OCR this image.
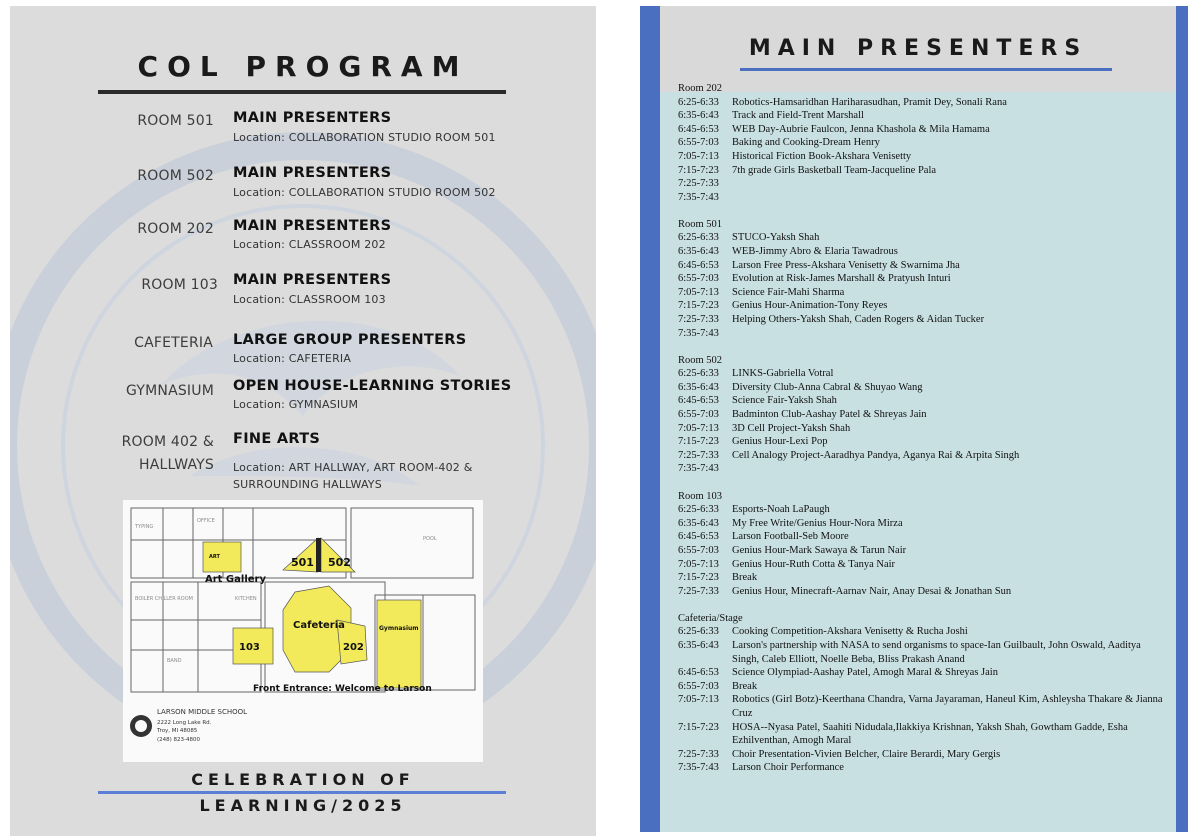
COL PROGRAM
ROOM 501 MAIN PRESENTERS
Location: COLLABORATION STUDIO ROOM 501
ROOM 502 MAIN PRESENTERS
Location: COLLABORATION STUDIO ROOM 502
ROOM 202 MAIN PRESENTERS
Location: CLASSROOM 202
ROOM 103 MAIN PRESENTERS
Location: CLASSROOM 103
CAFETERIA LARGE GROUP PRESENTERS
Location: CAFETERIA
GYMNASIUM OPEN HOUSE-LEARNING STORIES
Location: GYMNASIUM
ROOM 402 &
HALLWAYS
FINE ARTS
Location: ART HALLWAY, ART ROOM-402 &
SURROUNDING HALLWAYS
TYPING
OFFICE
POOL
KITCHEN
BOILER CHILLER ROOM
BAND
Art Gallery
ART	501 502
103
Cafeteria
202
Gymnasium
Front Entrance: Welcome to Larson
LARSON MIDDLE SCHOOL
2222 Long Lake Rd.
Troy, MI 48085
(248) 823-4800
CELEBRATION OF
LEARNING/2025
MAIN PRESENTERS
Room 202
6:25-6:33	Robotics-Hamsaridhan Hariharasudhan, Pramit Dey, Sonali Rana
6:35-6:43	Track and Field-Trent Marshall
6:45-6:53	WEB Day-Aubrie Faulcon, Jenna Khashola & Mila Hamama
6:55-7:03	Baking and Cooking-Dream Henry
7:05-7:13	Historical Fiction Book-Akshara Venisetty
7:15-7:23	7th grade Girls Basketball Team-Jacqueline Pala
7:25-7:33
7:35-7:43
Room 501
6:25-6:33	STUCO-Yaksh Shah
6:35-6:43	WEB-Jimmy Abro & Elaria Tawadrous
6:45-6:53	Larson Free Press-Akshara Venisetty & Swarnima Jha
6:55-7:03	Evolution at Risk-James Marshall & Pratyush Inturi
7:05-7:13	Science Fair-Mahi Sharma
7:15-7:23	Genius Hour-Animation-Tony Reyes
7:25-7:33	Helping Others-Yaksh Shah, Caden Rogers & Aidan Tucker
7:35-7:43
Room 502
6:25-6:33	LINKS-Gabriella Votral
6:35-6:43	Diversity Club-Anna Cabral & Shuyao Wang
6:45-6:53	Science Fair-Yaksh Shah
6:55-7:03	Badminton Club-Aashay Patel & Shreyas Jain
7:05-7:13	3D Cell Project-Yaksh Shah
7:15-7:23	Genius Hour-Lexi Pop
7:25-7:33	Cell Analogy Project-Aaradhya Pandya, Aganya Rai & Arpita Singh
7:35-7:43
Room 103
6:25-6:33	Esports-Noah LaPaugh
6:35-6:43	My Free Write/Genius Hour-Nora Mirza
6:45-6:53	Larson Football-Seb Moore
6:55-7:03	Genius Hour-Mark Sawaya & Tarun Nair
7:05-7:13	Genius Hour-Ruth Cotta & Tanya Nair
7:15-7:23	Break
7:25-7:33	Genius Hour, Minecraft-Aarnav Nair, Anay Desai & Jonathan Sun
Cafeteria/Stage
6:25-6:33	Cooking Competition-Akshara Venisetty & Rucha Joshi
6:35-6:43	Larson's partnership with NASA to send organisms to space-Ian Guilbault, John Oswald, Aaditya Singh, Caleb Elliott, Noelle Beba, Bliss Prakash Anand
6:45-6:53	Science Olympiad-Aashay Patel, Amogh Maral & Shreyas Jain
6:55-7:03	Break
7:05-7:13	Robotics (Girl Botz)-Keerthana Chandra, Varna Jayaraman, Haneul Kim, Ashleysha Thakare & Jianna Cruz
7:15-7:23	HOSA--Nyasa Patel, Saahiti Nidudala,Ilakkiya Krishnan, Yaksh Shah, Gowtham Gadde, Esha Ezhilventhan, Amogh Maral
7:25-7:33	Choir Presentation-Vivien Belcher, Claire Berardi, Mary Gergis
7:35-7:43	Larson Choir Performance
